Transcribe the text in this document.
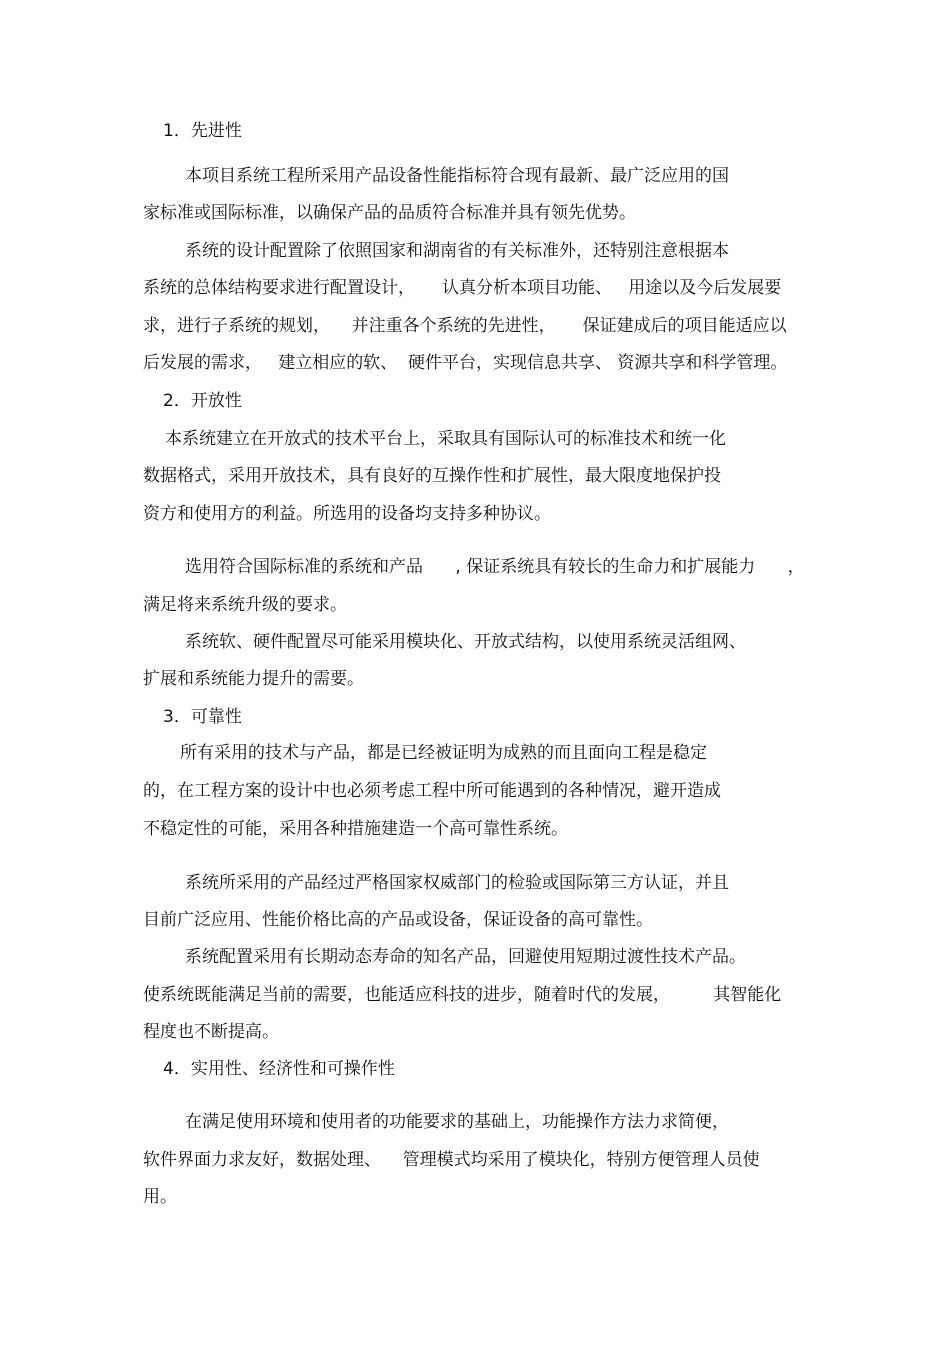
1．先进性
本项目系统工程所采用产品设备性能指标符合现有最新、最广泛应用的国
家标准或国际标准，以确保产品的品质符合标准并具有领先优势。
系统的设计配置除了依照国家和湖南省的有关标准外，还特别注意根据本
系统的总体结构要求进行配置设计，     认真分析本项目功能、   用途以及今后发展要
求，进行子系统的规划，    并注重各个系统的先进性，     保证建成后的项目能适应以
后发展的需求，   建立相应的软、  硬件平台，实现信息共享、 资源共享和科学管理。
2．开放性
本系统建立在开放式的技术平台上，采取具有国际认可的标准技术和统一化
数据格式，采用开放技术，具有良好的互操作性和扩展性，最大限度地保护投
资方和使用方的利益。所选用的设备均支持多种协议。
选用符合国际标准的系统和产品      , 保证系统具有较长的生命力和扩展能力      ，
满足将来系统升级的要求。
系统软、硬件配置尽可能采用模块化、开放式结构，以使用系统灵活组网、
扩展和系统能力提升的需要。
3．可靠性
所有采用的技术与产品，都是已经被证明为成熟的而且面向工程是稳定
的，在工程方案的设计中也必须考虑工程中所可能遇到的各种情况，避开造成
不稳定性的可能，采用各种措施建造一个高可靠性系统。
系统所采用的产品经过严格国家权威部门的检验或国际第三方认证，并且
目前广泛应用、性能价格比高的产品或设备，保证设备的高可靠性。
系统配置采用有长期动态寿命的知名产品，回避使用短期过渡性技术产品。
使系统既能满足当前的需要，也能适应科技的进步，随着时代的发展，        其智能化
程度也不断提高。
4．实用性、经济性和可操作性
在满足使用环境和使用者的功能要求的基础上，功能操作方法力求简便，
软件界面力求友好，数据处理、    管理模式均采用了模块化，特别方便管理人员使
用。
